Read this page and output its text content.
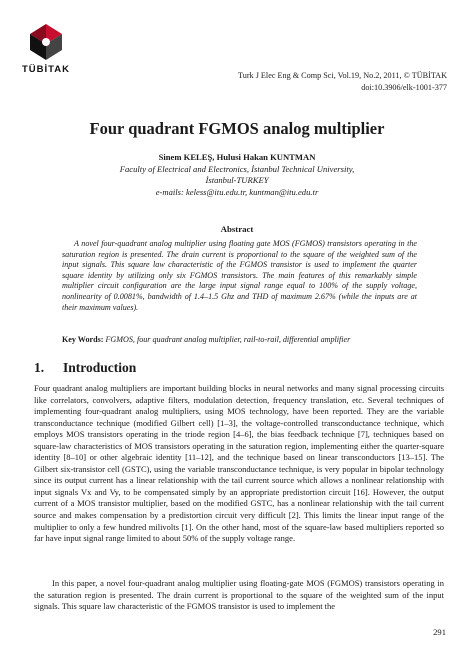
TÜBİTAK
Turk J Elec Eng & Comp Sci, Vol.19, No.2, 2011, © TÜBİTAK
doi:10.3906/elk-1001-377
Four quadrant FGMOS analog multiplier
Sinem KELEŞ, Hulusi Hakan KUNTMAN
Faculty of Electrical and Electronics, İstanbul Technical University,
İstanbul-TURKEY
e-mails: keless@itu.edu.tr, kuntman@itu.edu.tr
Abstract
A novel four-quadrant analog multiplier using floating gate MOS (FGMOS) transistors operating in the saturation region is presented. The drain current is proportional to the square of the weighted sum of the input signals. This square law characteristic of the FGMOS transistor is used to implement the quarter square identity by utilizing only six FGMOS transistors. The main features of this remarkably simple multiplier circuit configuration are the large input signal range equal to 100% of the supply voltage, nonlinearity of 0.0081%, bandwidth of 1.4–1.5 Ghz and THD of maximum 2.67% (while the inputs are at their maximum values).
Key Words: FGMOS, four quadrant analog multiplier, rail-to-rail, differential amplifier
1. Introduction
Four quadrant analog multipliers are important building blocks in neural networks and many signal processing circuits like correlators, convolvers, adaptive filters, modulation detection, frequency translation, etc. Several techniques of implementing four-quadrant analog multipliers, using MOS technology, have been reported. They are the variable transconductance technique (modified Gilbert cell) [1–3], the voltage-controlled transconductance technique, which employs MOS transistors operating in the triode region [4–6], the bias feedback technique [7], techniques based on square-law characteristics of MOS transistors operating in the saturation region, implementing either the quarter-square identity [8–10] or other algebraic identity [11–12], and the technique based on linear transconductors [13–15]. The Gilbert six-transistor cell (GSTC), using the variable transconductance technique, is very popular in bipolar technology since its output current has a linear relationship with the tail current source which allows a nonlinear relationship with input signals Vx and Vy, to be compensated simply by an appropriate predistortion circuit [16]. However, the output current of a MOS transistor multiplier, based on the modified GSTC, has a nonlinear relationship with the tail current source and makes compensation by a predistortion circuit very difficult [2]. This limits the linear input range of the multiplier to only a few hundred milivolts [1]. On the other hand, most of the square-law based multipliers reported so far have input signal range limited to about 50% of the supply voltage range.
In this paper, a novel four-quadrant analog multiplier using floating-gate MOS (FGMOS) transistors operating in the saturation region is presented. The drain current is proportional to the square of the weighted sum of the input signals. This square law characteristic of the FGMOS transistor is used to implement the
291
